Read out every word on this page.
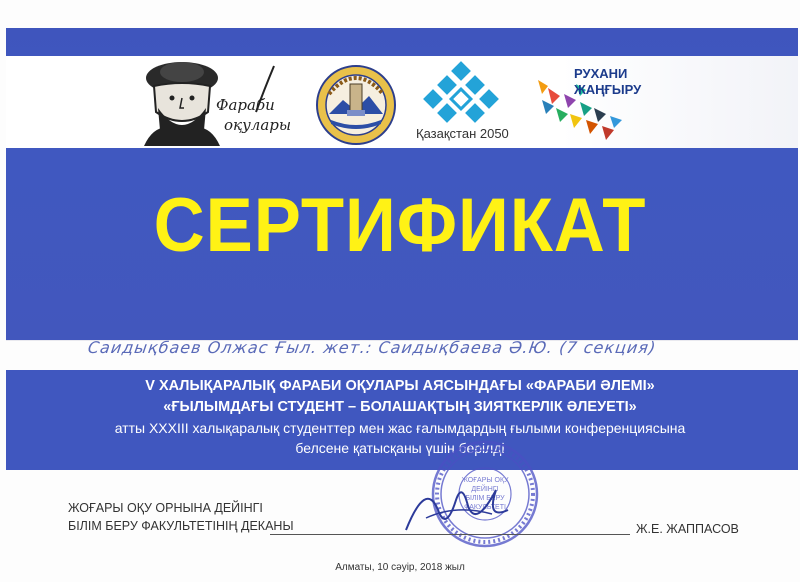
Фараби
оқулары	Қазақстан 2050
РУХАНИ
ЖАҢҒЫРУ
СЕРТИФИКАТ
Саидықбаев Олжас Ғыл. жет.: Саидықбаева Ә.Ю. (7 секция)
V ХАЛЫҚАРАЛЫҚ ФАРАБИ ОҚУЛАРЫ АЯСЫНДАҒЫ «ФАРАБИ ӘЛЕМІ»
«ҒЫЛЫМДАҒЫ СТУДЕНТ – БОЛАШАҚТЫҢ ЗИЯТКЕРЛІК ӘЛЕУЕТІ»
атты XXXIII халықаралық студенттер мен жас ғалымдардың ғылыми конференциясына
белсене қатысқаны үшін берілді
ЖОҒАРЫ ОҚУ
ДЕЙІНГІ
БІЛІМ БЕРУ
ФАКУЛЬТЕТІ
ЖОҒАРЫ ОҚУ ОРНЫНА ДЕЙІНГІ
БІЛІМ БЕРУ ФАКУЛЬТЕТІНІҢ ДЕКАНЫ	Ж.Е. ЖАППАСОВ
Алматы, 10 сәуір, 2018 жыл
